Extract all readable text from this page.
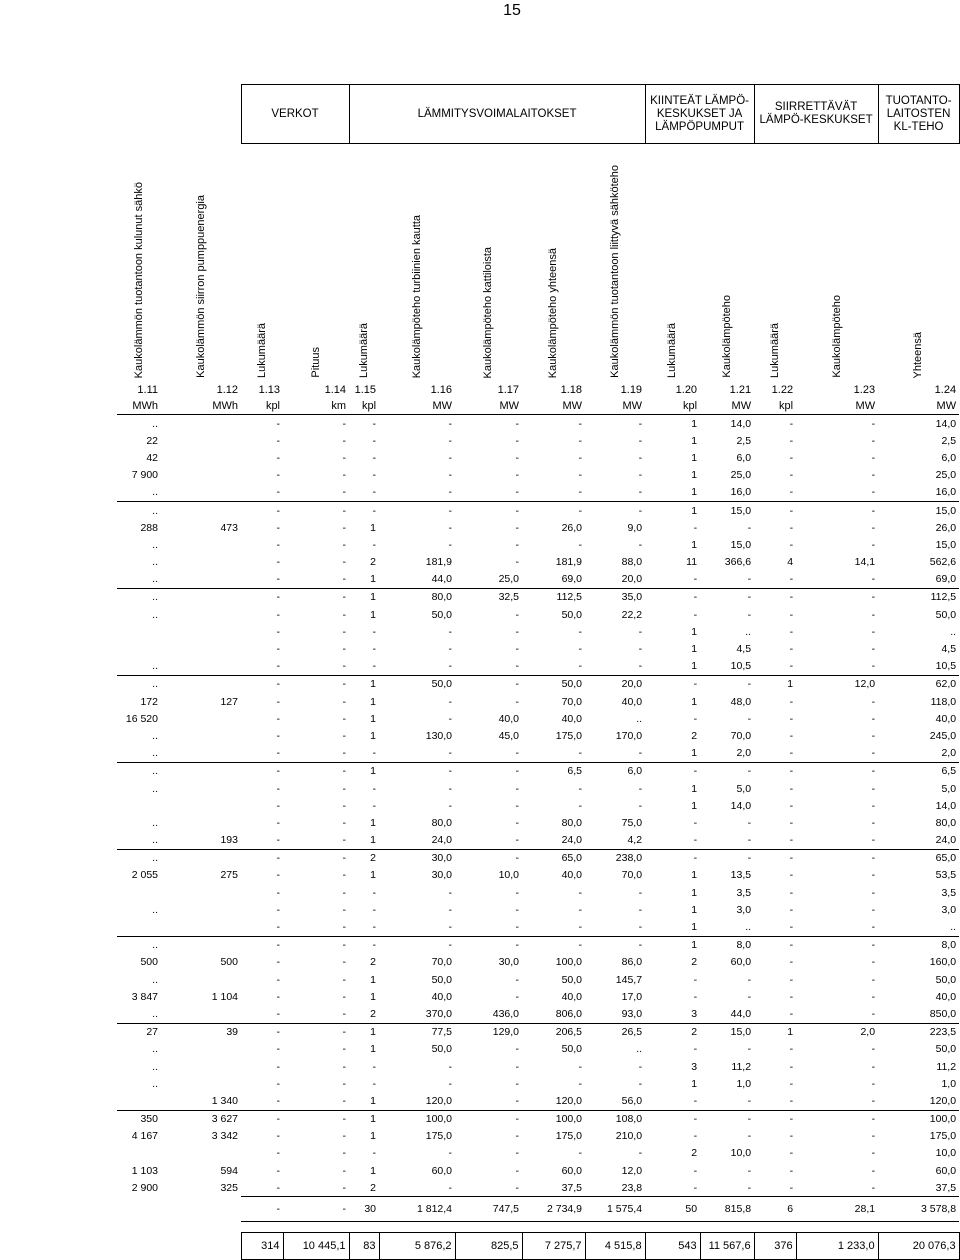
15
		VERKOT		LÄMMITYSVOIMALAITOKSET					KIINTEÄT LÄMPÖ-KESKUKSET JA LÄMPÖPUMPUT		SIIRRETTÄVÄT LÄMPÖ-KESKUKSET		TUOTANTO-LAITOSTEN KL-TEHO

Kaukolämmön tuotantoon kulunut sähkö	Kaukolämmön siirron pumppuenergia	Lukumäärä	Pituus	Lukumäärä	Kaukolämpöteho turbiinien kautta	Kaukolämpöteho kattiloista	Kaukolämpöteho yhteensä	Kaukolämmön tuotantoon liittyvä sähköteho	Lukumäärä	Kaukolämpöteho	Lukumäärä	Kaukolämpöteho	Yhteensä

1.11	1.12	1.13	1.14	1.15	1.16	1.17	1.18	1.19	1.20	1.21	1.22	1.23	1.24
MWh	MWh	kpl	km	kpl	MW	MW	MW	MW	kpl	MW	kpl	MW	MW
..		-	-	-	-	-	-	-	1	14,0	-	-	14,0
22		-	-	-	-	-	-	-	1	2,5	-	-	2,5
42		-	-	-	-	-	-	-	1	6,0	-	-	6,0
7 900		-	-	-	-	-	-	-	1	25,0	-	-	25,0
..		-	-	-	-	-	-	-	1	16,0	-	-	16,0
..		-	-	-	-	-	-	-	1	15,0	-	-	15,0
288	473	-	-	1	-	-	26,0	9,0	-	-	-	-	26,0
..		-	-	-	-	-	-	-	1	15,0	-	-	15,0
..		-	-	2	181,9	-	181,9	88,0	11	366,6	4	14,1	562,6
..		-	-	1	44,0	25,0	69,0	20,0	-	-	-	-	69,0
..		-	-	1	80,0	32,5	112,5	35,0	-	-	-	-	112,5
..		-	-	1	50,0	-	50,0	22,2	-	-	-	-	50,0
		-	-	-	-	-	-	-	1	..	-	-	..
		-	-	-	-	-	-	-	1	4,5	-	-	4,5
..		-	-	-	-	-	-	-	1	10,5	-	-	10,5
..		-	-	1	50,0	-	50,0	20,0	-	-	1	12,0	62,0
172	127	-	-	1	-	-	70,0	40,0	1	48,0	-	-	118,0
16 520		-	-	1	-	40,0	40,0	..	-	-	-	-	40,0
..		-	-	1	130,0	45,0	175,0	170,0	2	70,0	-	-	245,0
..		-	-	-	-	-	-	-	1	2,0	-	-	2,0
..		-	-	1	-	-	6,5	6,0	-	-	-	-	6,5
..		-	-	-	-	-	-	-	1	5,0	-	-	5,0
		-	-	-	-	-	-	-	1	14,0	-	-	14,0
..		-	-	1	80,0	-	80,0	75,0	-	-	-	-	80,0
..	193	-	-	1	24,0	-	24,0	4,2	-	-	-	-	24,0
..		-	-	2	30,0	-	65,0	238,0	-	-	-	-	65,0
2 055	275	-	-	1	30,0	10,0	40,0	70,0	1	13,5	-	-	53,5
		-	-	-	-	-	-	-	1	3,5	-	-	3,5
..		-	-	-	-	-	-	-	1	3,0	-	-	3,0
		-	-	-	-	-	-	-	1	..	-	-	..
..		-	-	-	-	-	-	-	1	8,0	-	-	8,0
500	500	-	-	2	70,0	30,0	100,0	86,0	2	60,0	-	-	160,0
..		-	-	1	50,0	-	50,0	145,7	-	-	-	-	50,0
3 847	1 104	-	-	1	40,0	-	40,0	17,0	-	-	-	-	40,0
..		-	-	2	370,0	436,0	806,0	93,0	3	44,0	-	-	850,0
27	39	-	-	1	77,5	129,0	206,5	26,5	2	15,0	1	2,0	223,5
..		-	-	1	50,0	-	50,0	..	-	-	-	-	50,0
..		-	-	-	-	-	-	-	3	11,2	-	-	11,2
..		-	-	-	-	-	-	-	1	1,0	-	-	1,0
	1 340	-	-	1	120,0	-	120,0	56,0	-	-	-	-	120,0
350	3 627	-	-	1	100,0	-	100,0	108,0	-	-	-	-	100,0
4 167	3 342	-	-	1	175,0	-	175,0	210,0	-	-	-	-	175,0
		-	-	-	-	-	-	-	2	10,0	-	-	10,0
1 103	594	-	-	1	60,0	-	60,0	12,0	-	-	-	-	60,0
2 900	325	-	-	2	-	-	37,5	23,8	-	-	-	-	37,5
		-	-	30	1 812,4	747,5	2 734,9	1 575,4	50	815,8	6	28,1	3 578,8

		314	10 445,1	83	5 876,2	825,5	7 275,7	4 515,8	543	11 567,6	376	1 233,0	20 076,3
